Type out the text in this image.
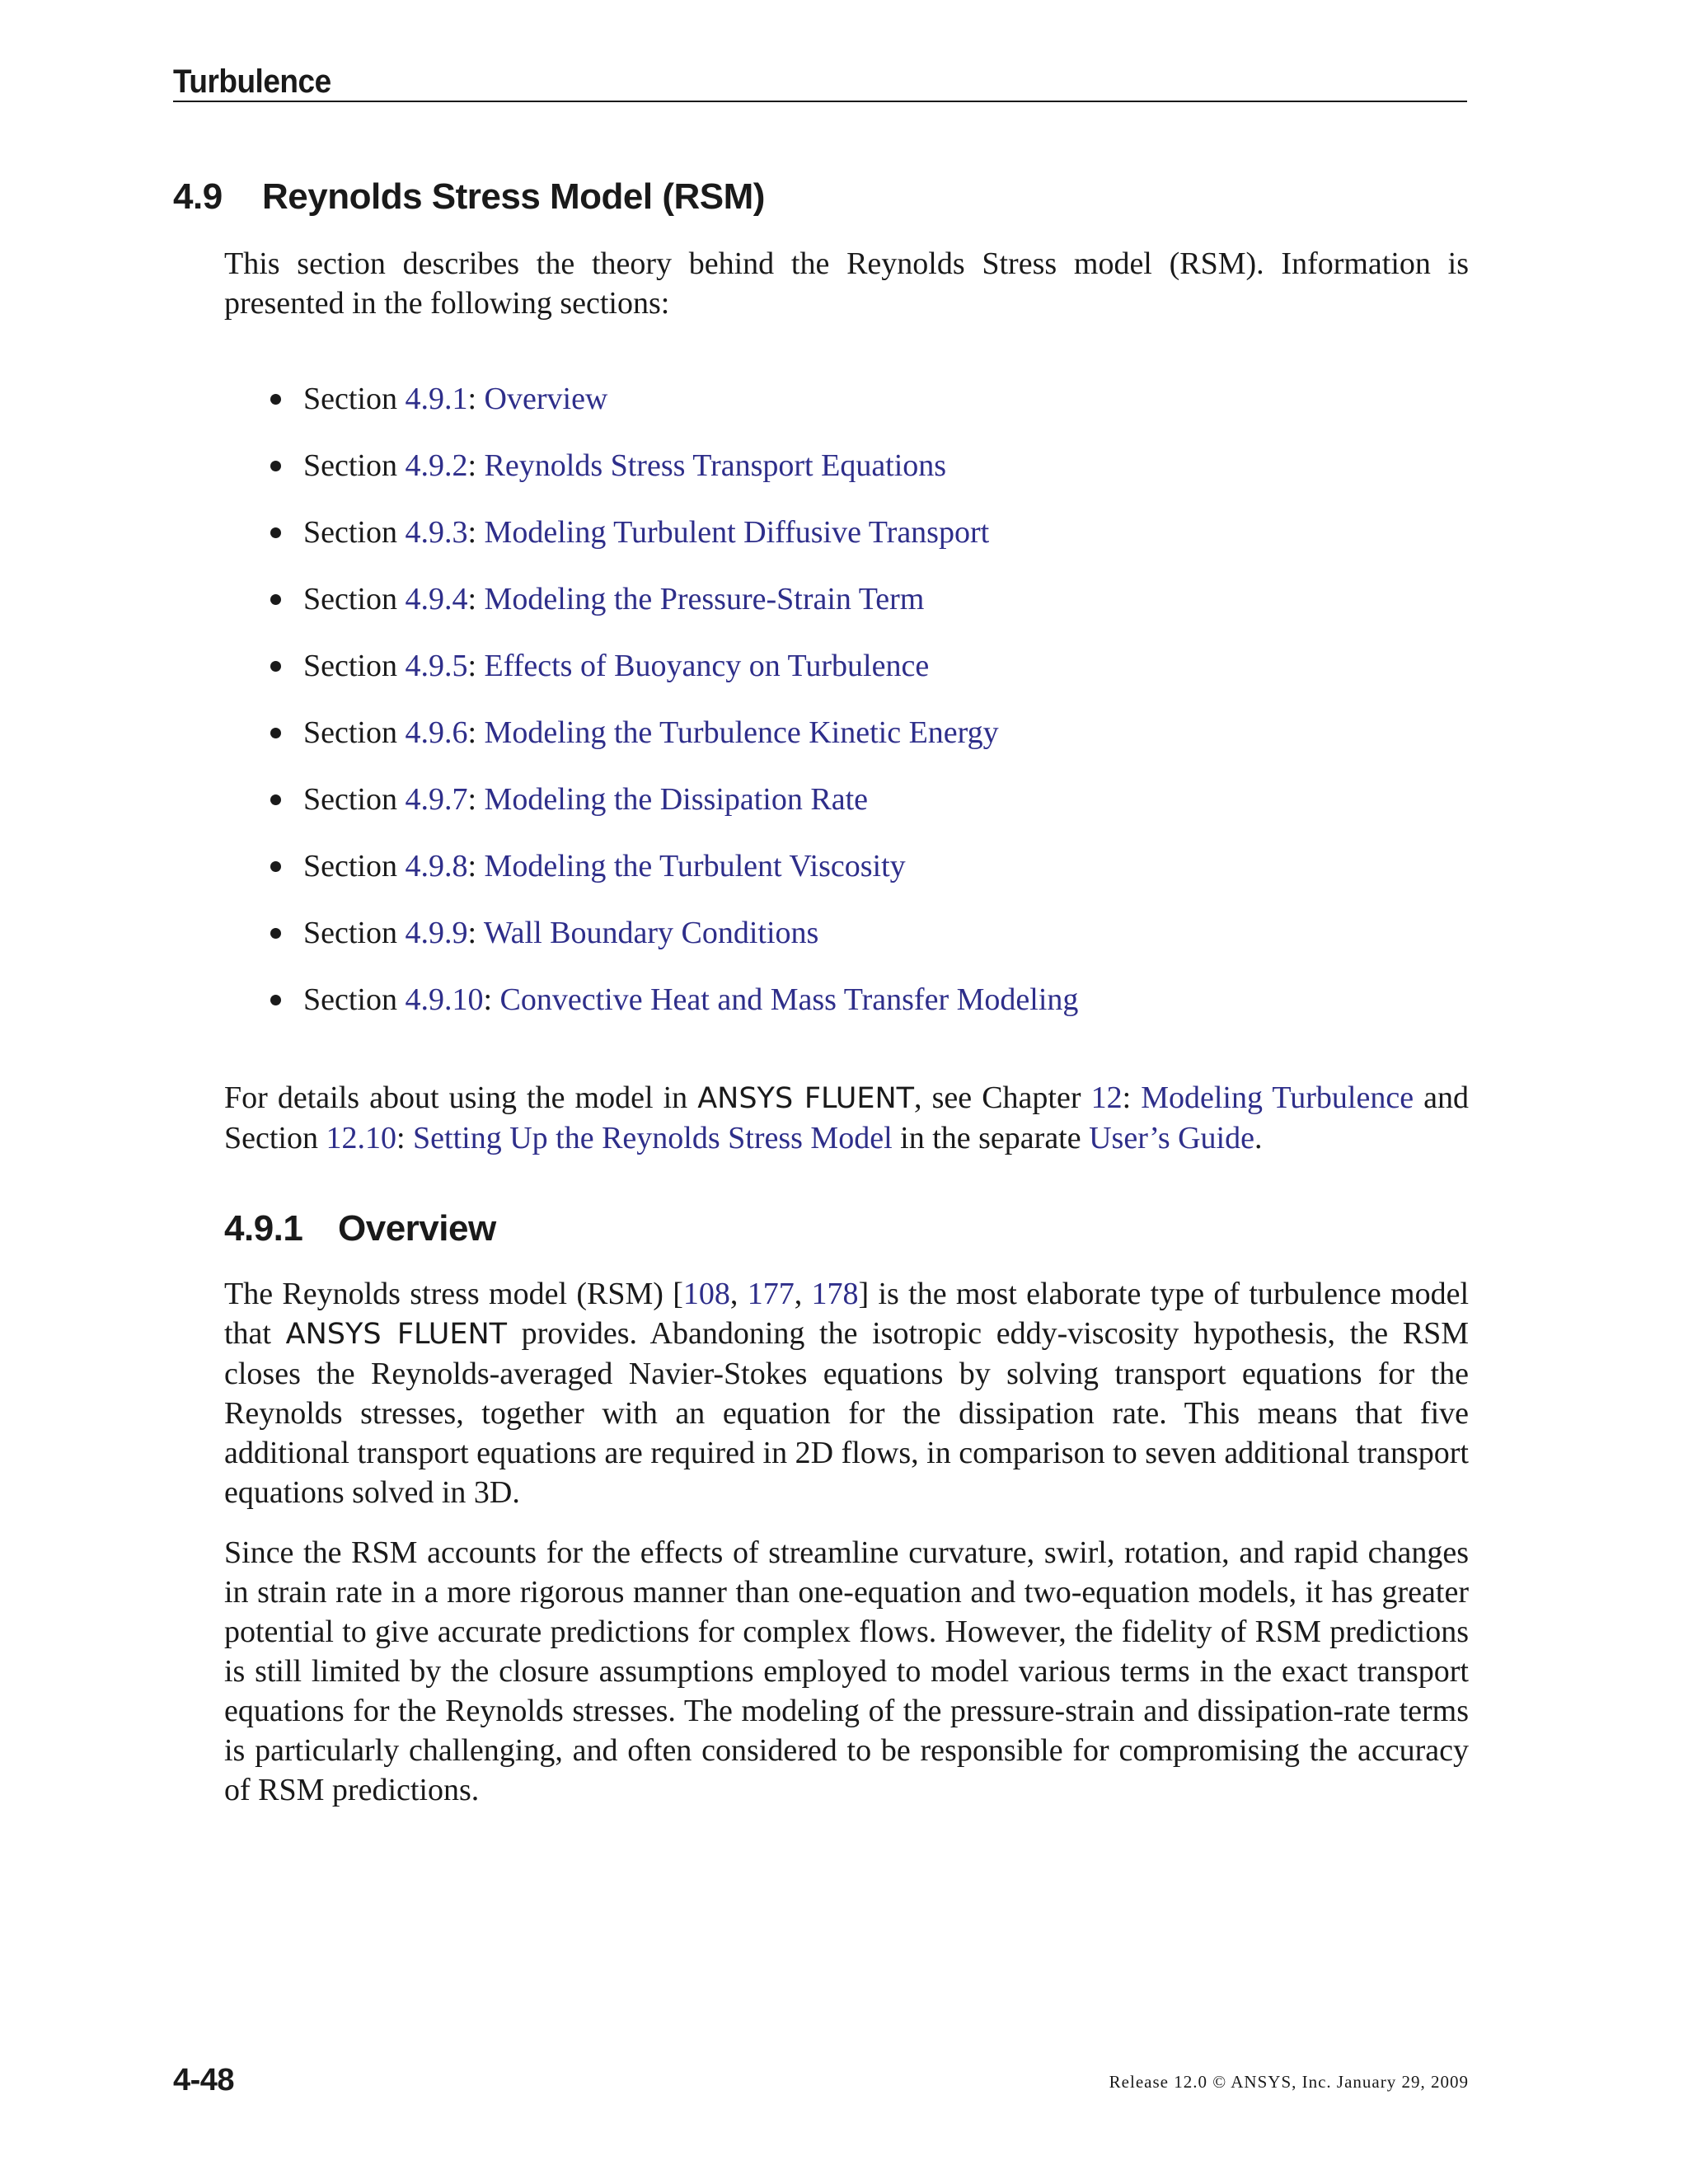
Turbulence
4.9 Reynolds Stress Model (RSM)

This section describes the theory behind the Reynolds Stress model (RSM). Information is presented in the following sections:

Section 4.9.1: Overview
Section 4.9.2: Reynolds Stress Transport Equations
Section 4.9.3: Modeling Turbulent Diffusive Transport
Section 4.9.4: Modeling the Pressure-Strain Term
Section 4.9.5: Effects of Buoyancy on Turbulence
Section 4.9.6: Modeling the Turbulence Kinetic Energy
Section 4.9.7: Modeling the Dissipation Rate
Section 4.9.8: Modeling the Turbulent Viscosity
Section 4.9.9: Wall Boundary Conditions
Section 4.9.10: Convective Heat and Mass Transfer Modeling

For details about using the model in ANSYS FLUENT, see Chapter 12: Modeling Turbulence and Section 12.10: Setting Up the Reynolds Stress Model in the separate User’s Guide.

4.9.1 Overview

The Reynolds stress model (RSM) [108, 177, 178] is the most elaborate type of turbulence model that ANSYS FLUENT provides. Abandoning the isotropic eddy-viscosity hypothesis, the RSM closes the Reynolds-averaged Navier-Stokes equations by solving transport equations for the Reynolds stresses, together with an equation for the dissipation rate. This means that five additional transport equations are required in 2D flows, in comparison to seven additional transport equations solved in 3D.

Since the RSM accounts for the effects of streamline curvature, swirl, rotation, and rapid changes in strain rate in a more rigorous manner than one-equation and two-equation models, it has greater potential to give accurate predictions for complex flows. However, the fidelity of RSM predictions is still limited by the closure assumptions employed to model various terms in the exact transport equations for the Reynolds stresses. The modeling of the pressure-strain and dissipation-rate terms is particularly challenging, and often considered to be responsible for compromising the accuracy of RSM predictions.

4-48	Release 12.0 © ANSYS, Inc. January 29, 2009
